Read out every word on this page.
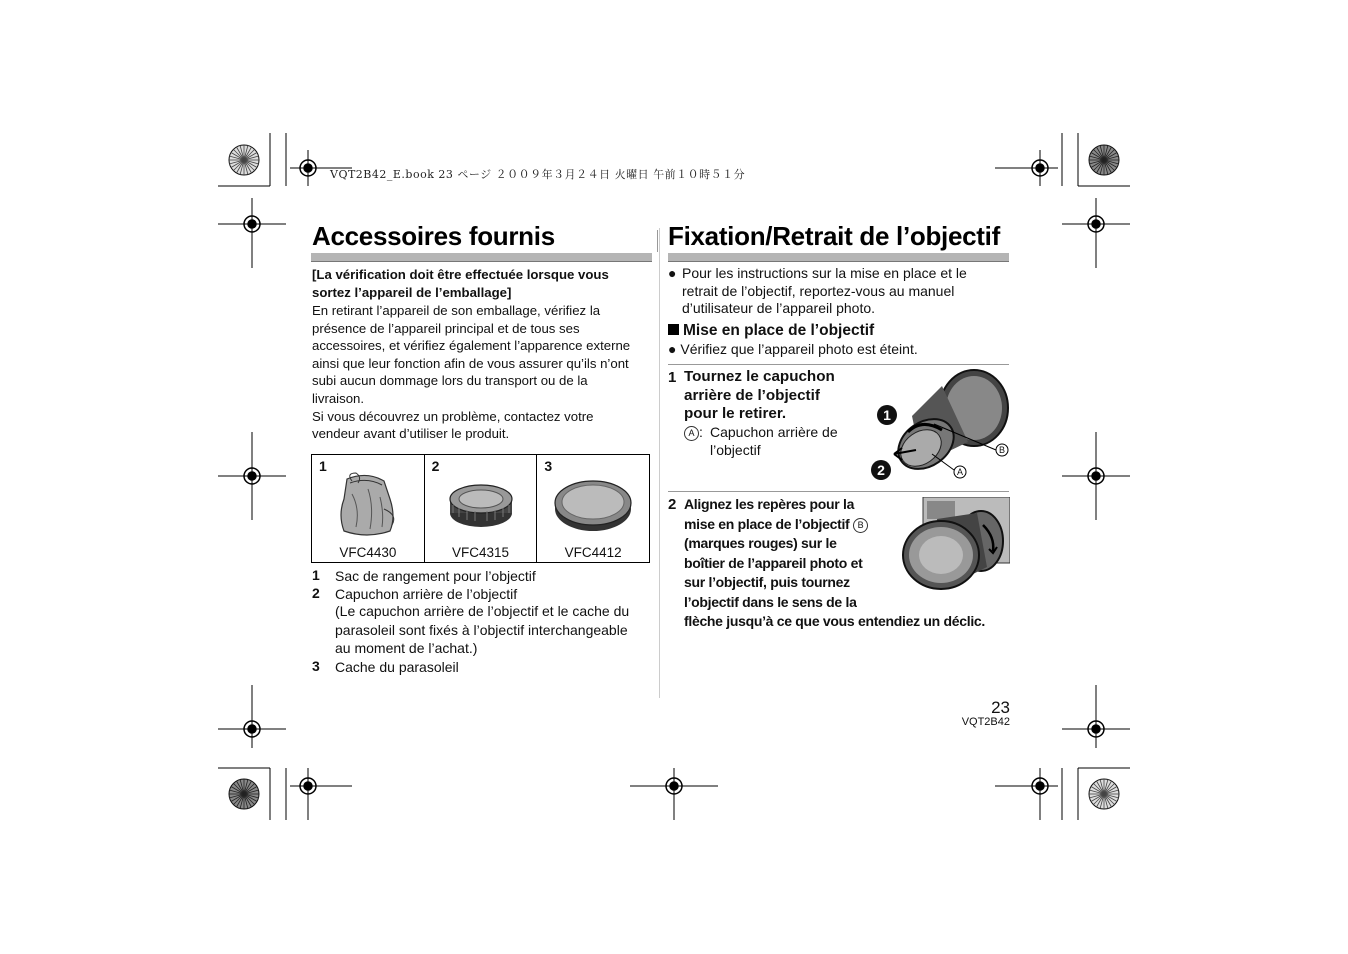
VQT2B42_E.book 23 ページ ２００９年３月２４日 火曜日 午前１０時５１分
Accessoires fournis
[La vérification doit être effectuée lorsque vous sortez l’appareil de l’emballage]
En retirant l’appareil de son emballage, vérifiez la
présence de l’appareil principal et de tous ses
accessoires, et vérifiez également l’apparence externe
ainsi que leur fonction afin de vous assurer qu’ils n’ont
subi aucun dommage lors du transport ou de la
livraison.
Si vous découvrez un problème, contactez votre
vendeur avant d’utiliser le produit.
1
VFC4430
2
VFC4315
3
VFC4412
1 Sac de rangement pour l’objectif
2 Capuchon arrière de l’objectif
(Le capuchon arrière de l’objectif et le cache du
parasoleil sont fixés à l’objectif interchangeable
au moment de l’achat.)
3 Cache du parasoleil
Fixation/Retrait de l’objectif
● Pour les instructions sur la mise en place et le
retrait de l’objectif, reportez-vous au manuel
d’utilisateur de l’appareil photo.
Mise en place de l’objectif
● Vérifiez que l’appareil photo est éteint.
1 Tournez le capuchon
arrière de l’objectif
pour le retirer.
A : Capuchon arrière de
l’objectif
1
2
B
A
2 Alignez les repères pour la
mise en place de l’objectif B
(marques rouges) sur le
boîtier de l’appareil photo et
sur l’objectif, puis tournez
l’objectif dans le sens de la
flèche jusqu’à ce que vous entendiez un déclic.
23
VQT2B42
